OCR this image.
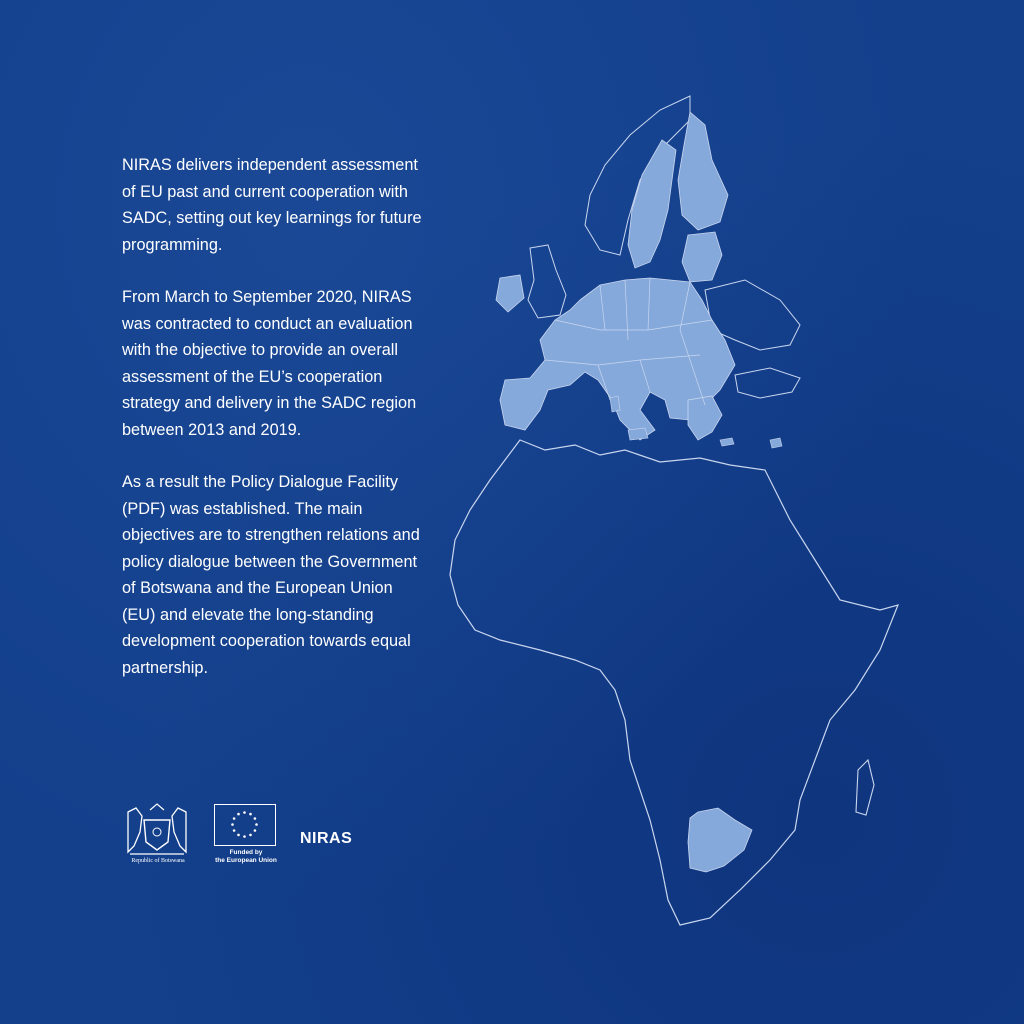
NIRAS delivers independent assessment of EU past and current cooperation with SADC, setting out key learnings for future programming.

From March to September 2020, NIRAS was contracted to conduct an evaluation with the objective to provide an overall assessment of the EU’s cooperation strategy and delivery in the SADC region between 2013 and 2019.

As a result the Policy Dialogue Facility (PDF) was established. The main objectives are to strengthen relations and policy dialogue between the Government of Botswana and the European Union (EU) and elevate the long-standing development cooperation towards equal partnership.

Republic of Botswana
Funded by
the European Union
NIRAS
